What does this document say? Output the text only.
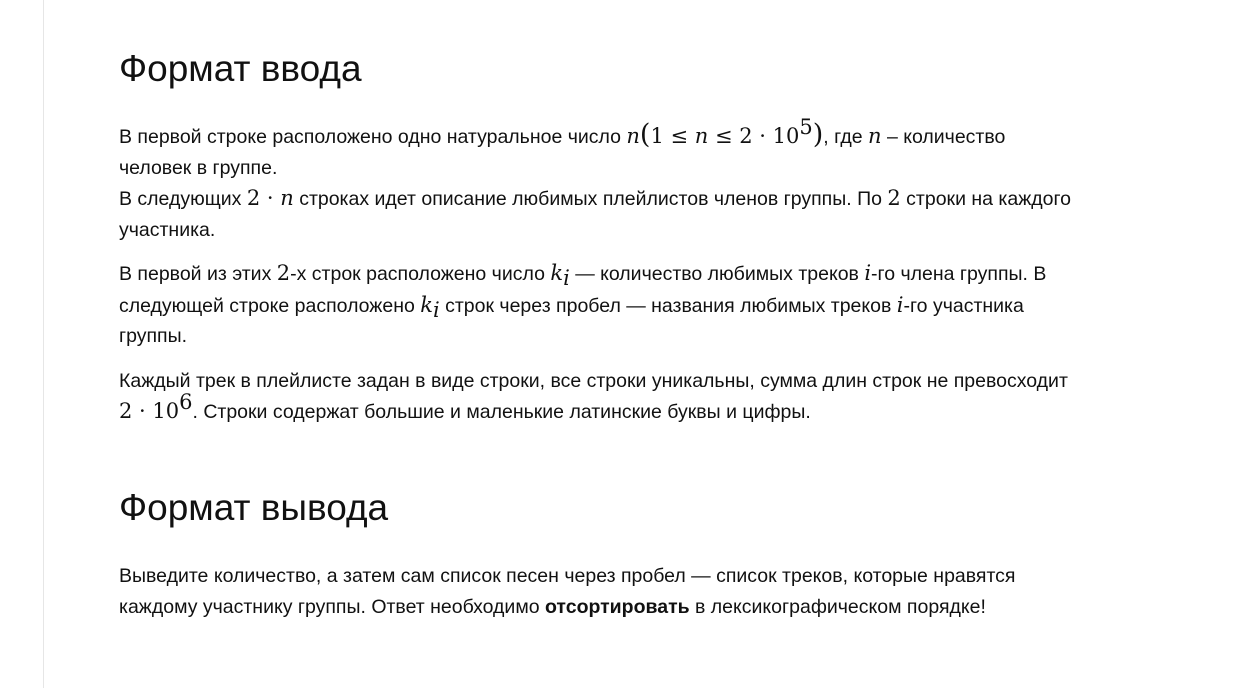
Формат ввода

В первой строке расположено одно натуральное число $n(1 \le n \le 2 \cdot 10^5)$, где n – количество человек в группе.

В следующих 2 · n строках идет описание любимых плейлистов членов группы. По 2 строки на каждого участника.

В первой из этих 2-х строк расположено число $k_i$ — количество любимых треков i-го члена группы. В следующей строке расположено $k_i$ строк через пробел — названия любимых треков i-го участника группы.

Каждый трек в плейлисте задан в виде строки, все строки уникальны, сумма длин строк не превосходит $2 \cdot 10^6$. Строки содержат большие и маленькие латинские буквы и цифры.

Формат вывода

Выведите количество, а затем сам список песен через пробел — список треков, которые нравятся каждому участнику группы. Ответ необходимо отсортировать в лексикографическом порядке!
